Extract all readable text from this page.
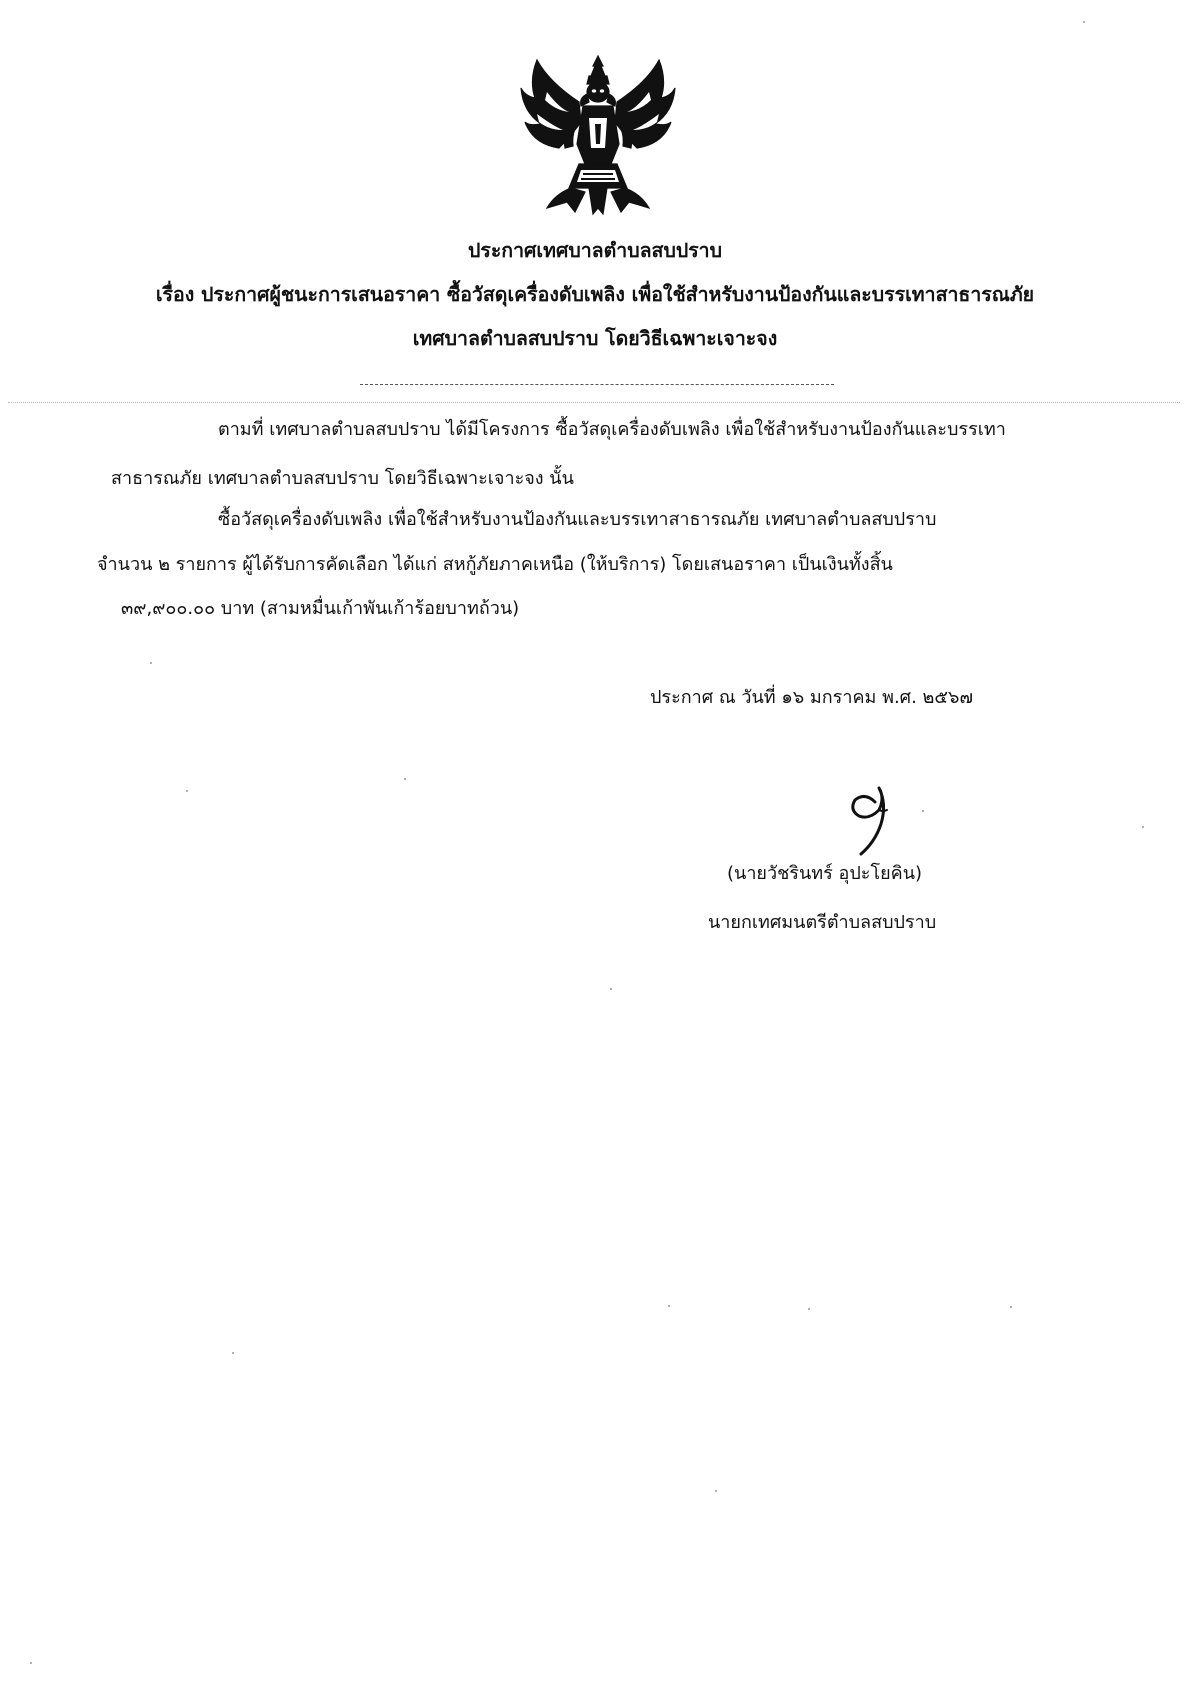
ประกาศเทศบาลตำบลสบปราบ
เรื่อง ประกาศผู้ชนะการเสนอราคา ซื้อวัสดุเครื่องดับเพลิง เพื่อใช้สำหรับงานป้องกันและบรรเทาสาธารณภัย
เทศบาลตำบลสบปราบ โดยวิธีเฉพาะเจาะจง
ตามที่ เทศบาลตำบลสบปราบ ได้มีโครงการ ซื้อวัสดุเครื่องดับเพลิง เพื่อใช้สำหรับงานป้องกันและบรรเทา
สาธารณภัย เทศบาลตำบลสบปราบ โดยวิธีเฉพาะเจาะจง นั้น
ซื้อวัสดุเครื่องดับเพลิง เพื่อใช้สำหรับงานป้องกันและบรรเทาสาธารณภัย เทศบาลตำบลสบปราบ
จำนวน ๒ รายการ ผู้ได้รับการคัดเลือก ได้แก่ สหกู้ภัยภาคเหนือ (ให้บริการ) โดยเสนอราคา เป็นเงินทั้งสิ้น
๓๙,๙๐๐.๐๐ บาท (สามหมื่นเก้าพันเก้าร้อยบาทถ้วน)
ประกาศ ณ วันที่ ๑๖ มกราคม พ.ศ. ๒๕๖๗
(นายวัชรินทร์ อุปะโยคิน)
นายกเทศมนตรีตำบลสบปราบ
